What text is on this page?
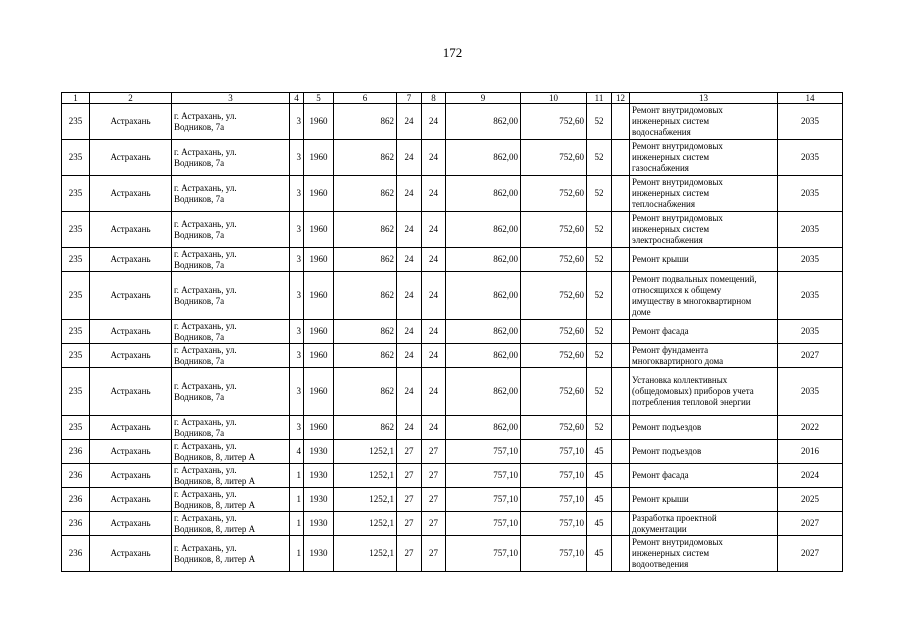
172
1	2	3	4	5	6	7	8	9	10	11	12	13	14
235	Астрахань	г. Астрахань, ул.
Водников, 7а	3	1960	862	24	24	862,00	752,60	52		Ремонт внутридомовых
инженерных систем
водоснабжения	2035
235	Астрахань	г. Астрахань, ул.
Водников, 7а	3	1960	862	24	24	862,00	752,60	52		Ремонт внутридомовых
инженерных систем
газоснабжения	2035
235	Астрахань	г. Астрахань, ул.
Водников, 7а	3	1960	862	24	24	862,00	752,60	52		Ремонт внутридомовых
инженерных систем
теплоснабжения	2035
235	Астрахань	г. Астрахань, ул.
Водников, 7а	3	1960	862	24	24	862,00	752,60	52		Ремонт внутридомовых
инженерных систем
электроснабжения	2035
235	Астрахань	г. Астрахань, ул.
Водников, 7а	3	1960	862	24	24	862,00	752,60	52		Ремонт крыши	2035
235	Астрахань	г. Астрахань, ул.
Водников, 7а	3	1960	862	24	24	862,00	752,60	52		Ремонт подвальных помещений,
относящихся к общему
имуществу в многоквартирном
доме	2035
235	Астрахань	г. Астрахань, ул.
Водников, 7а	3	1960	862	24	24	862,00	752,60	52		Ремонт фасада	2035
235	Астрахань	г. Астрахань, ул.
Водников, 7а	3	1960	862	24	24	862,00	752,60	52		Ремонт фундамента
многоквартирного дома	2027
235	Астрахань	г. Астрахань, ул.
Водников, 7а	3	1960	862	24	24	862,00	752,60	52		Установка коллективных
(общедомовых) приборов учета
потребления тепловой энергии	2035
235	Астрахань	г. Астрахань, ул.
Водников, 7а	3	1960	862	24	24	862,00	752,60	52		Ремонт подъездов	2022
236	Астрахань	г. Астрахань, ул.
Водников, 8, литер А	4	1930	1252,1	27	27	757,10	757,10	45		Ремонт подъездов	2016
236	Астрахань	г. Астрахань, ул.
Водников, 8, литер А	1	1930	1252,1	27	27	757,10	757,10	45		Ремонт фасада	2024
236	Астрахань	г. Астрахань, ул.
Водников, 8, литер А	1	1930	1252,1	27	27	757,10	757,10	45		Ремонт крыши	2025
236	Астрахань	г. Астрахань, ул.
Водников, 8, литер А	1	1930	1252,1	27	27	757,10	757,10	45		Разработка проектной
документации	2027
236	Астрахань	г. Астрахань, ул.
Водников, 8, литер А	1	1930	1252,1	27	27	757,10	757,10	45		Ремонт внутридомовых
инженерных систем
водоотведения	2027
